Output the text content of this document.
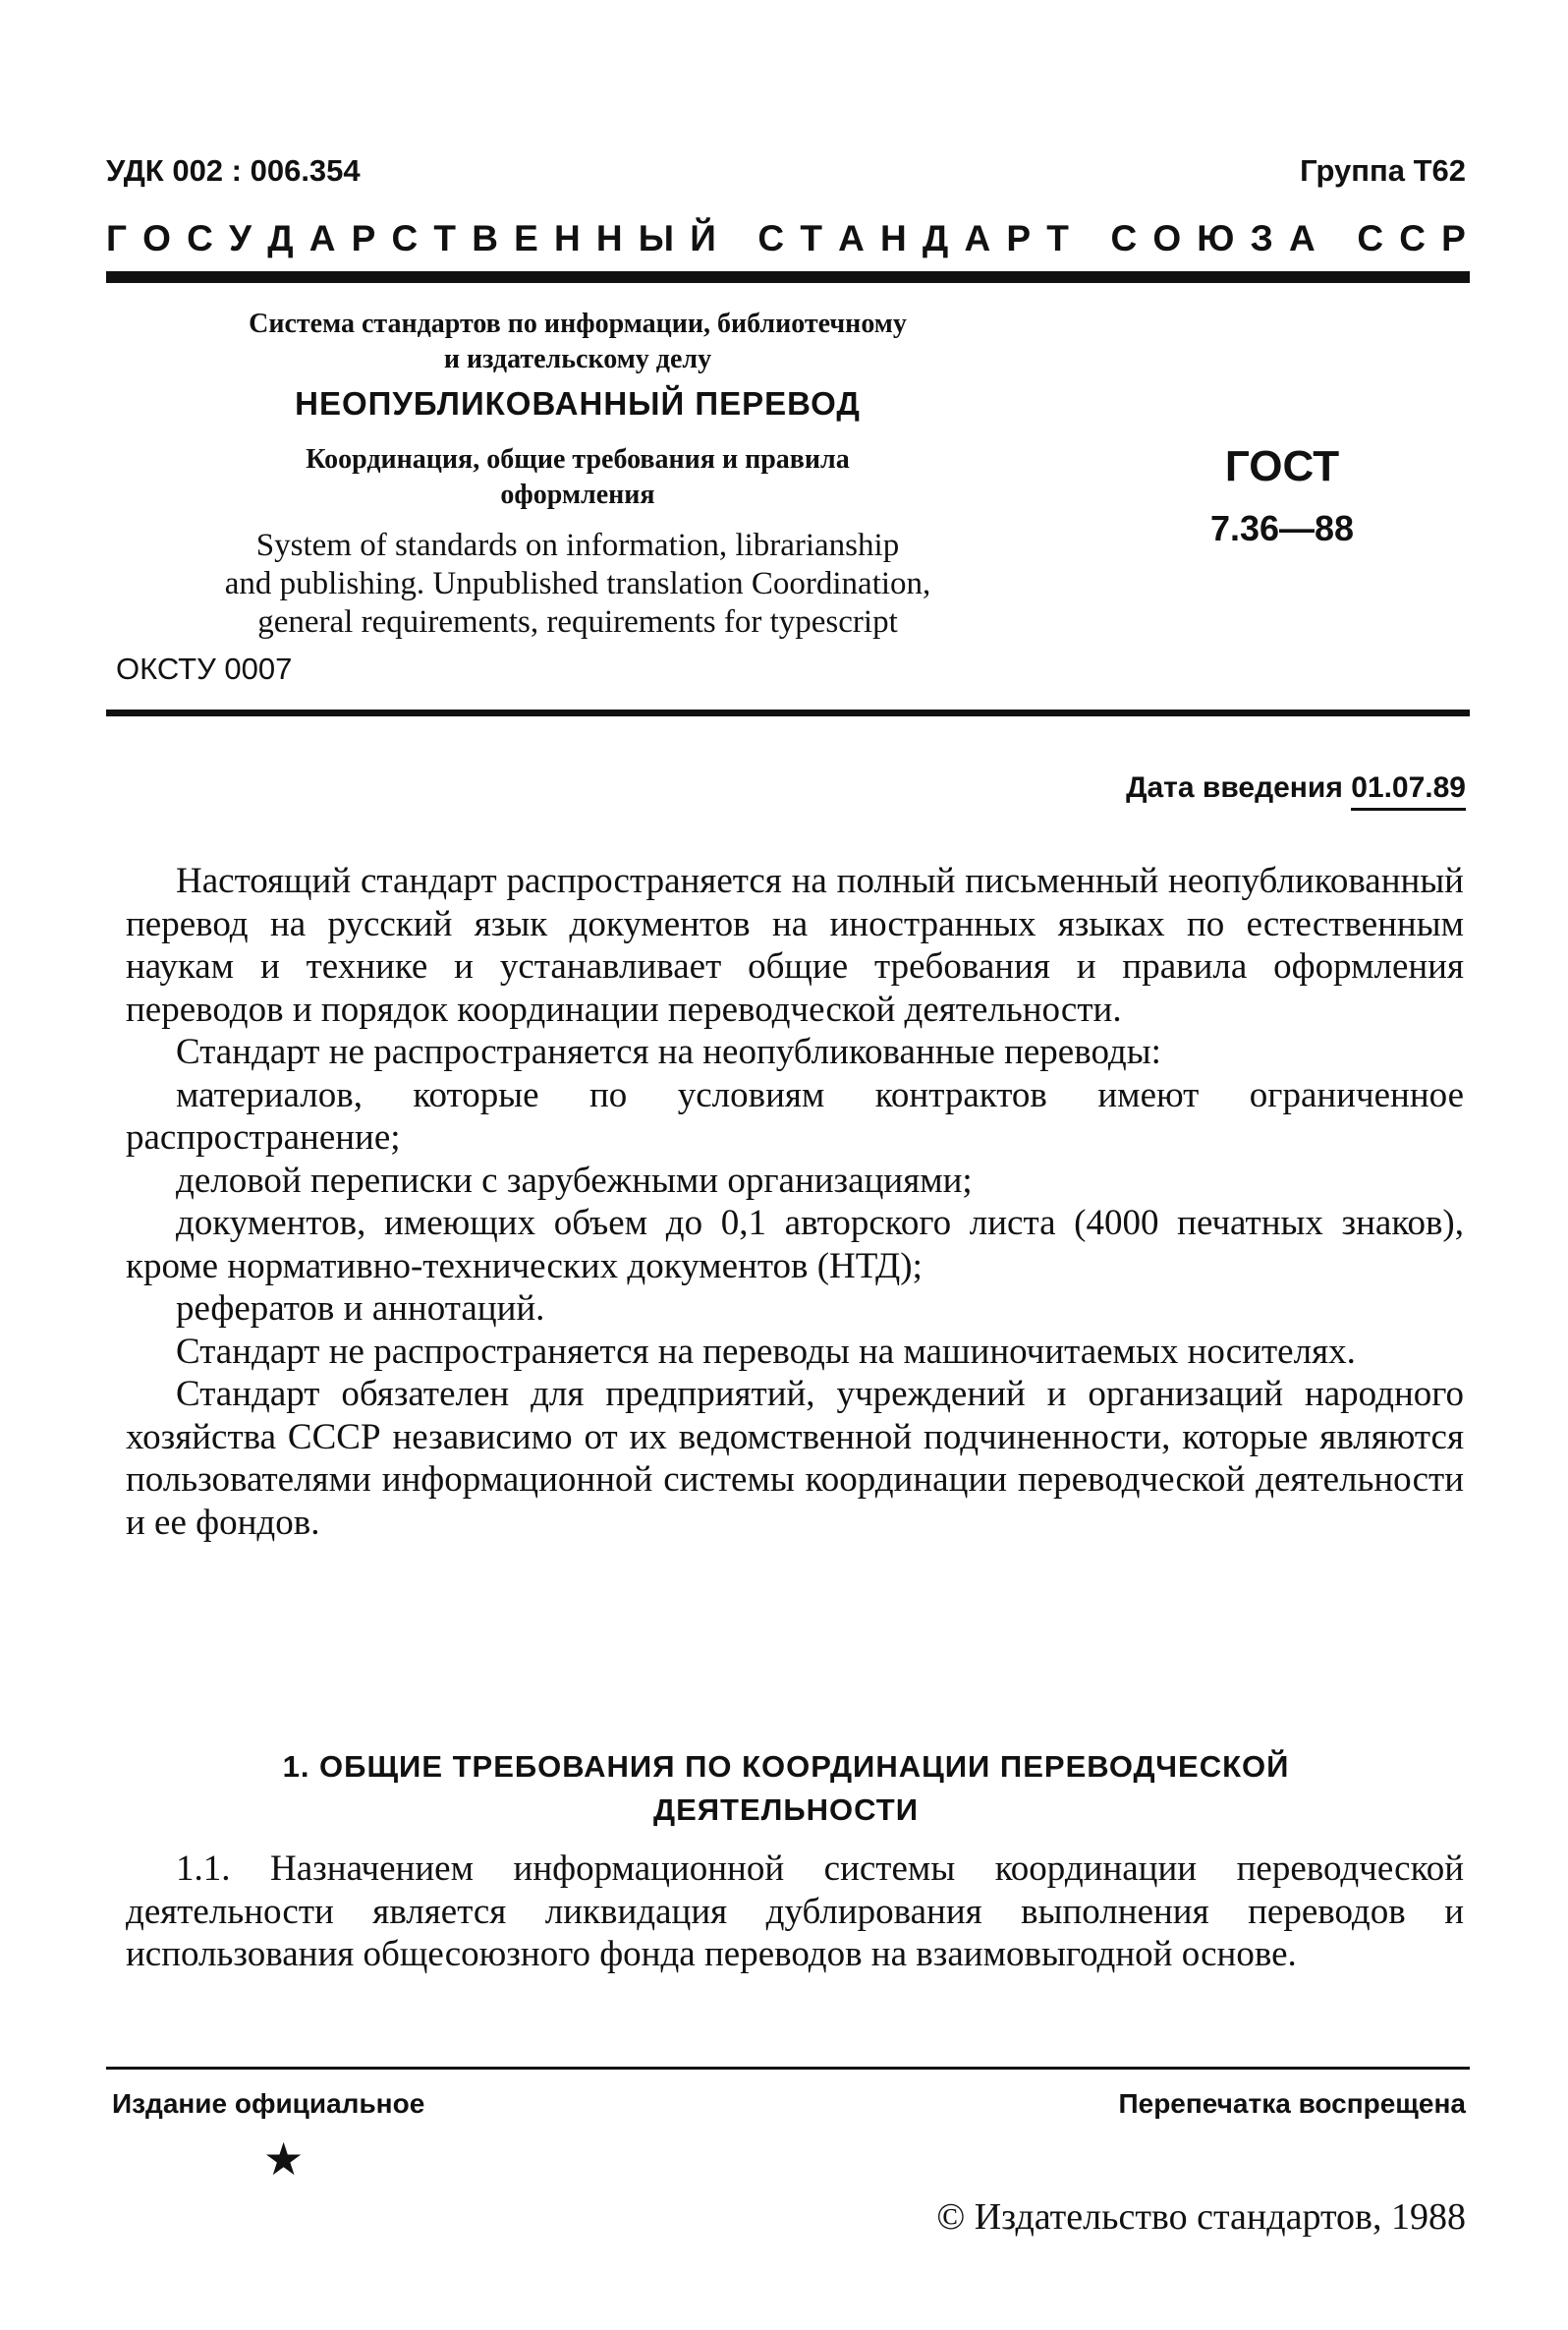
УДК 002 : 006.354	Группа Т62
Г О С У Д А Р С Т В Е Н Н Ы Й
С Т А Н Д А Р Т
С О Ю З А
С С Р
Система стандартов по информации, библиотечному
и издательскому делу
НЕОПУБЛИКОВАННЫЙ ПЕРЕВОД
Координация, общие требования и правила
оформления
System of standards on information, librarianship
and publishing. Unpublished translation Coordination,
general requirements, requirements for typescript
ГОСТ
7.36—88
ОКСТУ 0007
Дата введения 01.07.89

Настоящий стандарт распространяется на полный письменный неопубликованный перевод на русский язык документов на иностранных языках по естественным наукам и технике и устанавливает общие требования и правила оформления переводов и порядок координации переводческой деятельности.

Стандарт не распространяется на неопубликованные переводы:

материалов, которые по условиям контрактов имеют ограниченное распространение;

деловой переписки с зарубежными организациями;

документов, имеющих объем до 0,1 авторского листа (4000 печатных знаков), кроме нормативно-технических документов (НТД);

рефератов и аннотаций.

Стандарт не распространяется на переводы на машиночитаемых носителях.

Стандарт обязателен для предприятий, учреждений и организаций народного хозяйства СССР независимо от их ведомственной подчиненности, которые являются пользователями информационной системы координации переводческой деятельности и ее фондов.

1. ОБЩИЕ ТРЕБОВАНИЯ ПО КООРДИНАЦИИ ПЕРЕВОДЧЕСКОЙ
ДЕЯТЕЛЬНОСТИ

1.1. Назначением информационной системы координации переводческой деятельности является ликвидация дублирования выполнения переводов и использования общесоюзного фонда переводов на взаимовыгодной основе.

Издание официальное	Перепечатка воспрещена
★
© Издательство стандартов, 1988
